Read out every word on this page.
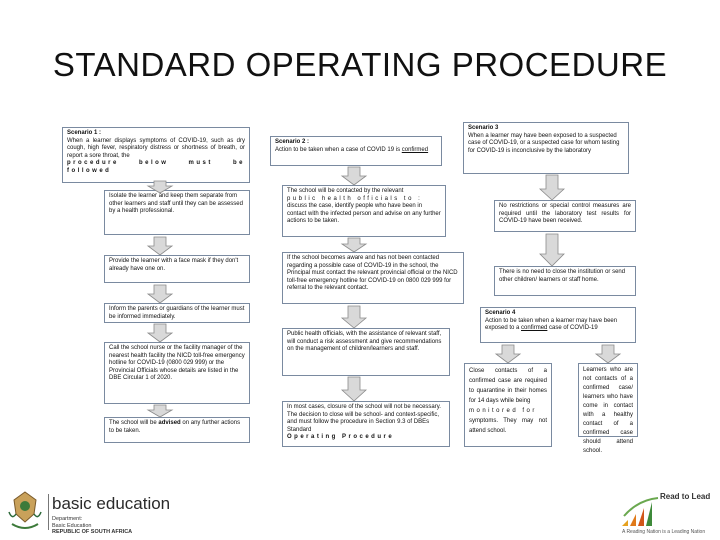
STANDARD OPERATING PROCEDURE
Scenario 1 :
When a learner displays symptoms of COVID-19, such as dry cough, high fever, respiratory distress or shortness of breath, or report a sore throat, the
procedure below must be followed
Isolate the learner and keep them separate from other learners and staff until they can be assessed by a health professional.
Provide the learner with a face mask if they don't already have one on.
Inform the parents or guardians of the learner must be informed immediately.
Call the school nurse or the facility manager of the nearest health facility the NICD toll-free emergency hotline for COVID-19 (0800 029 999) or the Provincial Officials whose details are listed in the DBE Circular 1 of 2020.
The school will be advised on any further actions to be taken.
Scenario 2 :
Action to be taken when a case of COVID 19 is confirmed
The school will be contacted by the relevant
public health officials to :
discuss the case, identify people who have been in contact with the infected person and advise on any further actions to be taken.
If the school becomes aware and has not been contacted regarding a possible case of COVID-19 in the school, the Principal must contact the relevant provincial official or the NICD toll-free emergency hotline for COVID-19 on 0800 029 999 for referral to the relevant contact.
Public health officials, with the assistance of relevant staff, will conduct a risk assessment and give recommendations on the management of children/learners and staff.
In most cases, closure of the school will not be necessary. The decision to close will be school- and context-specific, and must follow the procedure in Section 9.3 of DBEs Standard
Operating Procedure
Scenario 3
When a learner may have been exposed to a suspected case of COVID-19, or a suspected case for whom testing for COVID-19 is inconclusive by the laboratory
No restrictions or special control measures are required until the laboratory test results for COVID-19 have been received.
There is no need to close the institution or send other children/ learners or staff home.
Scenario 4
Action to be taken when a learner may have been exposed to a confirmed case of COVID-19
Close contacts of a confirmed case are required to quarantine in their homes for 14 days while being
monitored for
symptoms. They may not attend school.
Learners who are not contacts of a confirmed case/ learners who have come in contact with a healthy contact of a confirmed case should attend school.
basic education
Department:
Basic Education
REPUBLIC OF SOUTH AFRICA
Read to Lead
A Reading Nation is a Leading Nation
